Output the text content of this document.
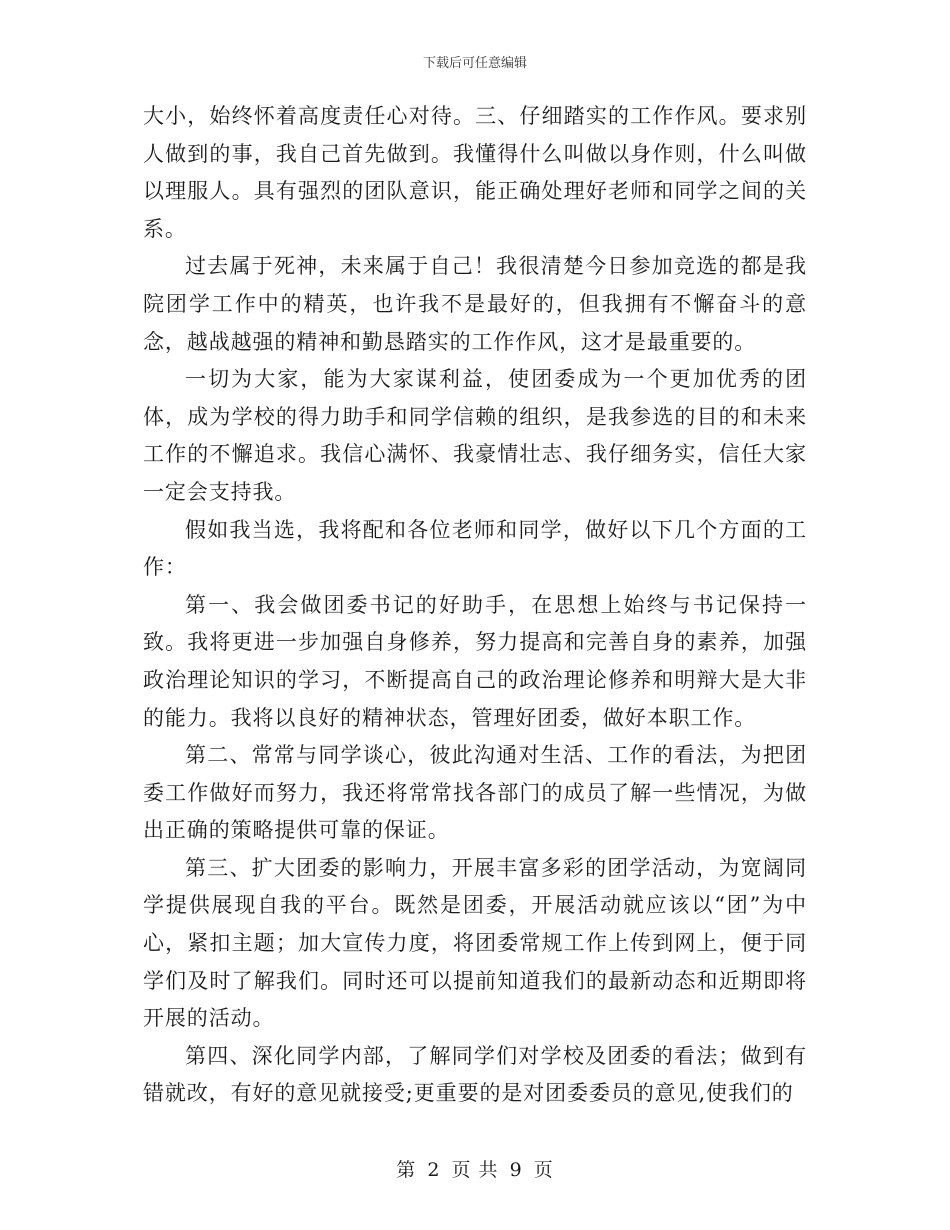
下载后可任意编辑

大小，始终怀着高度责任心对待。三、仔细踏实的工作作风。要求别人做到的事，我自己首先做到。我懂得什么叫做以身作则，什么叫做以理服人。具有强烈的团队意识，能正确处理好老师和同学之间的关系。

过去属于死神，未来属于自己！我很清楚今日参加竞选的都是我院团学工作中的精英，也许我不是最好的，但我拥有不懈奋斗的意念，越战越强的精神和勤恳踏实的工作作风，这才是最重要的。

一切为大家，能为大家谋利益，使团委成为一个更加优秀的团体，成为学校的得力助手和同学信赖的组织，是我参选的目的和未来工作的不懈追求。我信心满怀、我豪情壮志、我仔细务实，信任大家一定会支持我。

假如我当选，我将配和各位老师和同学，做好以下几个方面的工作：

第一、我会做团委书记的好助手，在思想上始终与书记保持一致。我将更进一步加强自身修养，努力提高和完善自身的素养，加强政治理论知识的学习，不断提高自己的政治理论修养和明辩大是大非的能力。我将以良好的精神状态，管理好团委，做好本职工作。

第二、常常与同学谈心，彼此沟通对生活、工作的看法，为把团委工作做好而努力，我还将常常找各部门的成员了解一些情况，为做出正确的策略提供可靠的保证。

第三、扩大团委的影响力，开展丰富多彩的团学活动，为宽阔同学提供展现自我的平台。既然是团委，开展活动就应该以“团”为中心，紧扣主题；加大宣传力度，将团委常规工作上传到网上，便于同学们及时了解我们。同时还可以提前知道我们的最新动态和近期即将开展的活动。

第四、深化同学内部，了解同学们对学校及团委的看法；做到有错就改，有好的意见就接受;更重要的是对团委委员的意见,使我们的

第 2 页 共 9 页
